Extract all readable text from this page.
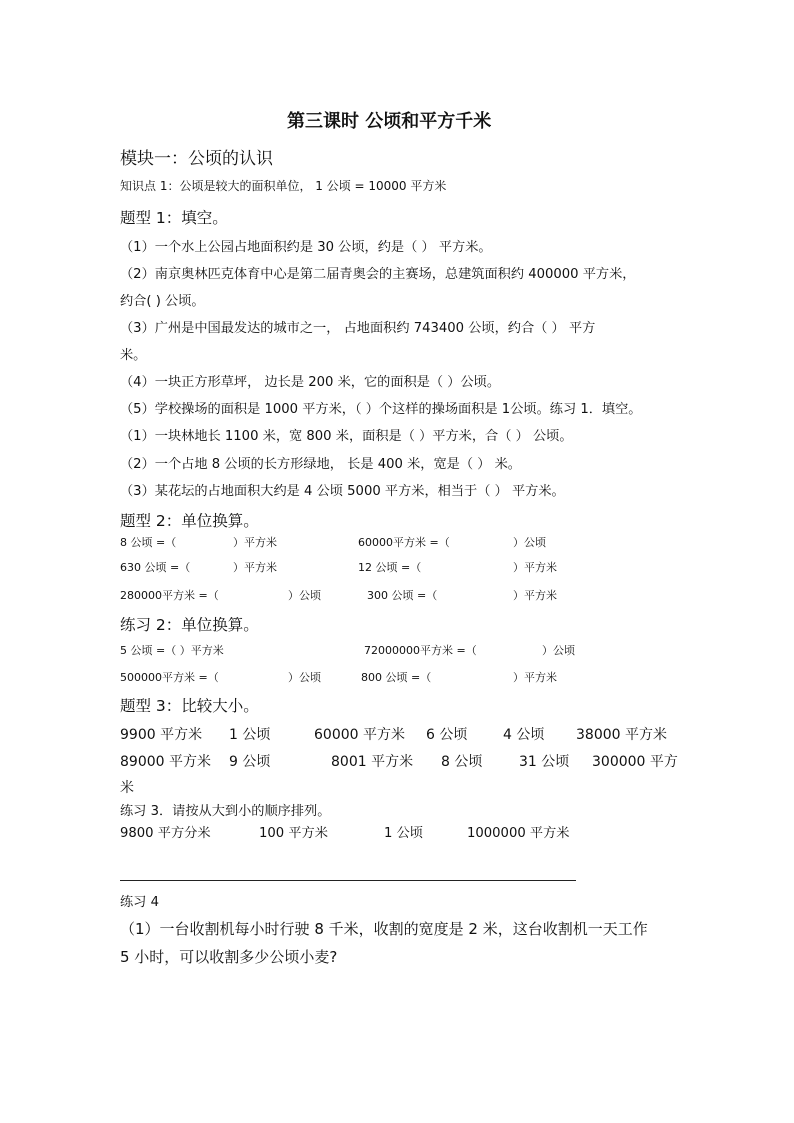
第三课时 公顷和平方千米
模块一：公顷的认识
知识点 1：公顷是较大的面积单位， 1 公顷 = 10000 平方米
题型 1：填空。
（1）一个水上公园占地面积约是 30 公顷，约是（ ） 平方米。
（2）南京奥林匹克体育中心是第二届青奥会的主赛场，总建筑面积约 400000 平方米，
约合( ) 公顷。
（3）广州是中国最发达的城市之一， 占地面积约 743400 公顷，约合（ ） 平方
米。
（4）一块正方形草坪， 边长是 200 米，它的面积是（ ）公顷。
（5）学校操场的面积是 1000 平方米，（ ）个这样的操场面积是 1公顷。练习 1．填空。
（1）一块林地长 1100 米，宽 800 米，面积是（ ）平方米，合（ ） 公顷。
（2）一个占地 8 公顷的长方形绿地， 长是 400 米，宽是（ ） 米。
（3）某花坛的占地面积大约是 4 公顷 5000 平方米，相当于（ ） 平方米。
题型 2：单位换算。
8 公顷 =（	）平方米	60000平方米 =（	）公顷
630 公顷 =（	）平方米	12 公顷 =（	）平方米
280000平方米 =（	）公顷	300 公顷 =（	）平方米
练习 2：单位换算。
5 公顷 =（ ）平方米	72000000平方米 =（	）公顷
500000平方米 =（	）公顷	800 公顷 =（	）平方米
题型 3：比较大小。
9900 平方米 1 公顷	60000 平方米 6 公顷	4 公顷 38000 平方米
89000 平方米 9 公顷	8001 平方米 8 公顷	31 公顷 300000 平方
米
练习 3．请按从大到小的顺序排列。
9800 平方分米	100 平方米	1 公顷	1000000 平方米
练习 4
（1）一台收割机每小时行驶 8 千米，收割的宽度是 2 米，这台收割机一天工作
5 小时，可以收割多少公顷小麦?
